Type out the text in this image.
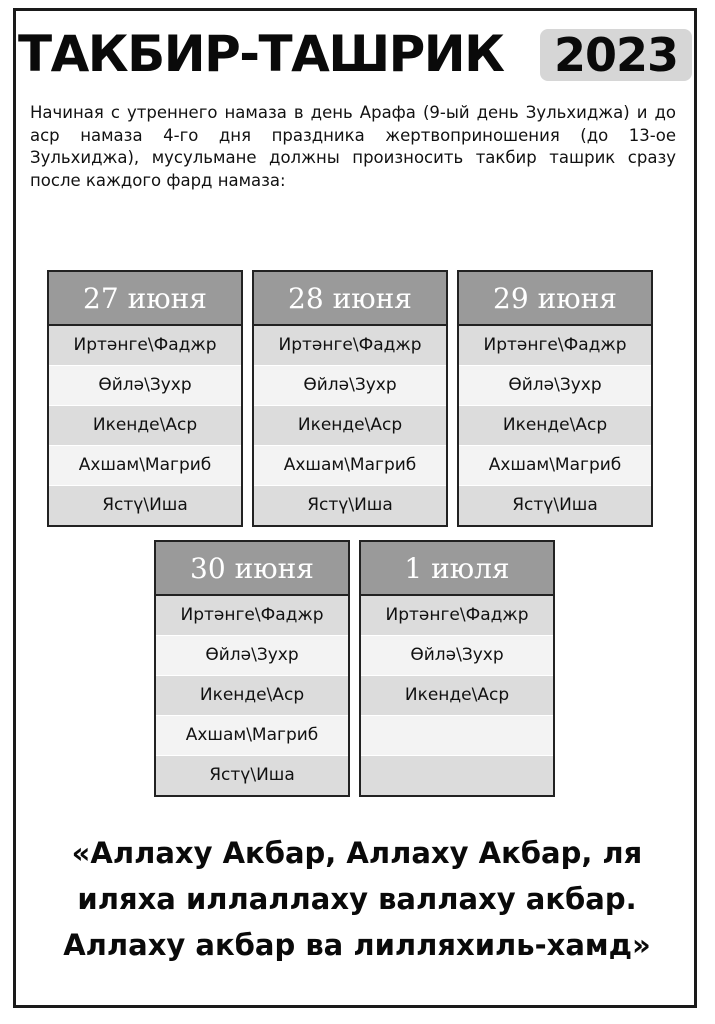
ТАКБИР-ТАШРИК	2023
Начиная с утреннего намаза в день Арафа (9-ый день Зульхиджа) и до аср намаза 4-го дня праздника жертвоприношения (до 13-ое Зульхиджа), мусульмане должны произносить такбир ташрик сразу после каждого фард намаза:
27 июня
Иртәнге\Фаджр
Өйлә\Зухр
Икенде\Аср
Ахшам\Магриб
Ястү\Иша
28 июня
Иртәнге\Фаджр
Өйлә\Зухр
Икенде\Аср
Ахшам\Магриб
Ястү\Иша
29 июня
Иртәнге\Фаджр
Өйлә\Зухр
Икенде\Аср
Ахшам\Магриб
Ястү\Иша
30 июня
Иртәнге\Фаджр
Өйлә\Зухр
Икенде\Аср
Ахшам\Магриб
Ястү\Иша
1 июля
Иртәнге\Фаджр
Өйлә\Зухр
Икенде\Аср
«Аллаху Акбар, Аллаху Акбар, ля
иляха иллаллаху валлаху акбар.
Аллаху акбар ва лилляхиль-хамд»
